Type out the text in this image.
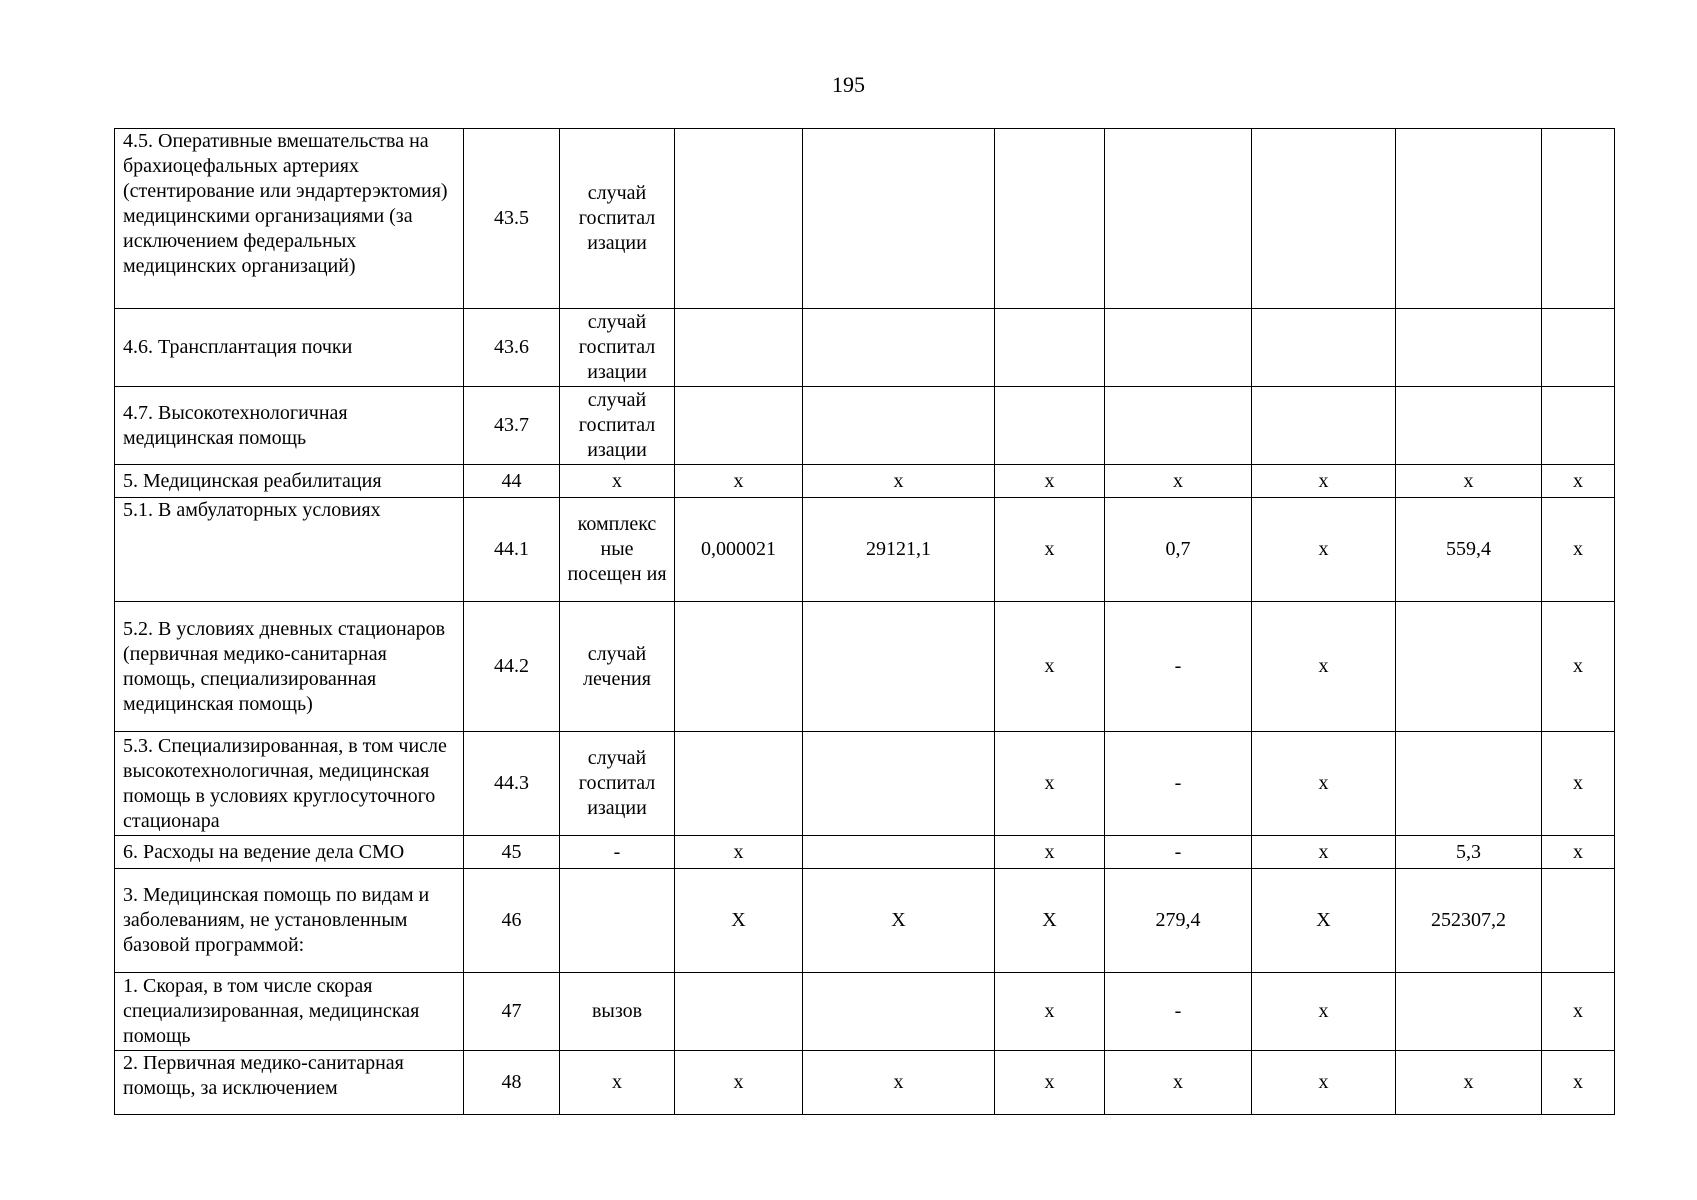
195
4.5. Оперативные вмешательства на брахиоцефальных артериях (стентирование или эндартерэктомия) медицинскими организациями (за исключением федеральных медицинских организаций)	43.5	случай госпитал изации							
4.6. Трансплантация почки	43.6	случай госпитал изации							
4.7. Высокотехнологичная медицинская помощь	43.7	случай госпитал изации							
5. Медицинская реабилитация	44	х	х	х	х	х	х	х	х
5.1. В амбулаторных условиях	44.1	комплекс ные посещен ия	0,000021	29121,1	х	0,7	х	559,4	х
5.2. В условиях дневных стационаров (первичная медико-санитарная помощь, специализированная медицинская помощь)	44.2	случай лечения			х	-	х		х
5.3. Специализированная, в том числе высокотехнологичная, медицинская помощь в условиях круглосуточного стационара	44.3	случай госпитал изации			х	-	х		х
6. Расходы на ведение дела СМО	45	-	х		х	-	х	5,3	х
3. Медицинская помощь по видам и заболеваниям, не установленным базовой программой:	46		X	X	X	279,4	X	252307,2	
1. Скорая, в том числе скорая специализированная, медицинская помощь	47	вызов			х	-	х		х
2. Первичная медико-санитарная помощь, за исключением	48	х	х	х	х	х	х	х	х
